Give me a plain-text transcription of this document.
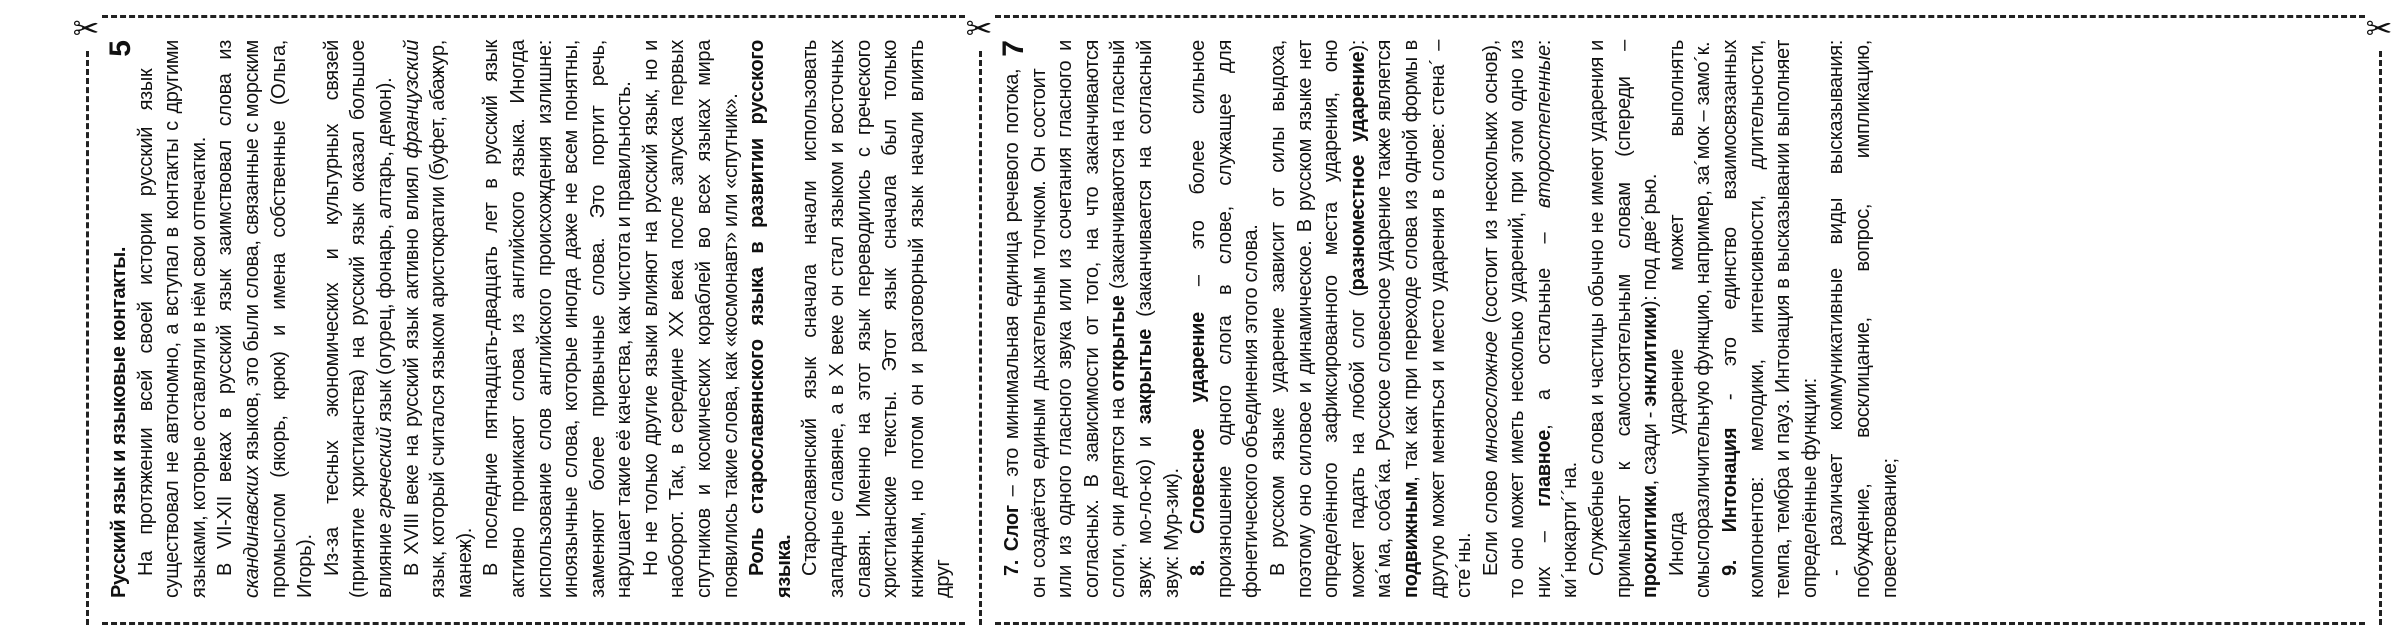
✂
5

Русский язык и языковые контакты.

На протяжении всей своей истории русский язык существовал не автономно, а вступал в контакты с другими языками, которые оставляли в нём свои отпечатки.

В VII-XII веках в русский язык заимствовал слова из скандинавских языков, это были слова, связанные с морским промыслом (якорь, крюк) и имена собственные (Ольга, Игорь). Из-за тесных экономических и культурных связей (принятие христианства) на русский язык оказал большое влияние греческий язык (огурец, фонарь, алтарь, демон).

В XVIII веке на русский язык активно влиял французский язык, который считался языком аристократии (буфет, абажур, манеж). В последние пятнадцать-двадцать лет в русский язык активно проникают слова из английского языка. Иногда использование слов английского происхождения излишне: иноязычные слова, которые иногда даже не всем понятны, заменяют более привычные слова. Это портит речь, нарушает такие её качества, как чистота и правильность.

Но не только другие языки влияют на русский язык, но и наоборот. Так, в середине XX века после запуска первых спутников и космических кораблей во всех языках мира появились такие слова, как «космонавт» или «спутник».

Роль старославянского языка в развитии русского языка. Старославянский язык сначала начали использовать западные славяне, а в X веке он стал языком и восточных славян. Именно на этот язык переводились с греческого христианские тексты. Этот язык сначала был только книжным, но потом он и разговорный язык начали влиять друг

✂
7

7. Слог – это минимальная единица речевого потока, он создаётся единым дыхательным толчком. Он состоит или из одного гласного звука или из сочетания гласного и согласных. В зависимости от того, на что заканчиваются слоги, они делятся на открытые (заканчиваются на гласный звук: мо-ло-ко) и закрытые (заканчивается на согласный звук: Мур-зик).

8. Словесное ударение – это более сильное произношение одного слога в слове, служащее для фонетического объединения этого слова.

В русском языке ударение зависит от силы выдоха, поэтому оно силовое и динамическое. В русском языке нет определённого зафиксированного места ударения, оно может падать на любой слог (разноместное ударение): ма´ма, соба´ка. Русское словесное ударение также является подвижным, так как при переходе слова из одной формы в другую может меняться и место ударения в слове: стена´ – сте´ны. Если слово многосложное (состоит из нескольких основ), то оно может иметь несколько ударений, при этом одно из них – главное, а остальные – второстепенные: ки´нокарти´´на. Служебные слова и частицы обычно не имеют ударения и примыкают к самостоятельным словам (спереди – проклитики, сзади - энклитики): под две´рью.

Иногда ударение может выполнять смыслоразличительную функцию, например, за´мок – замо´к.

9. Интонация - это единство взаимосвязанных компонентов: мелодики, интенсивности, длительности, темпа, тембра и пауз. Интонация в высказывании выполняет определённые функции:

- различает коммуникативные виды высказывания: побуждение, восклицание, вопрос, импликацию, повествование;

✂
